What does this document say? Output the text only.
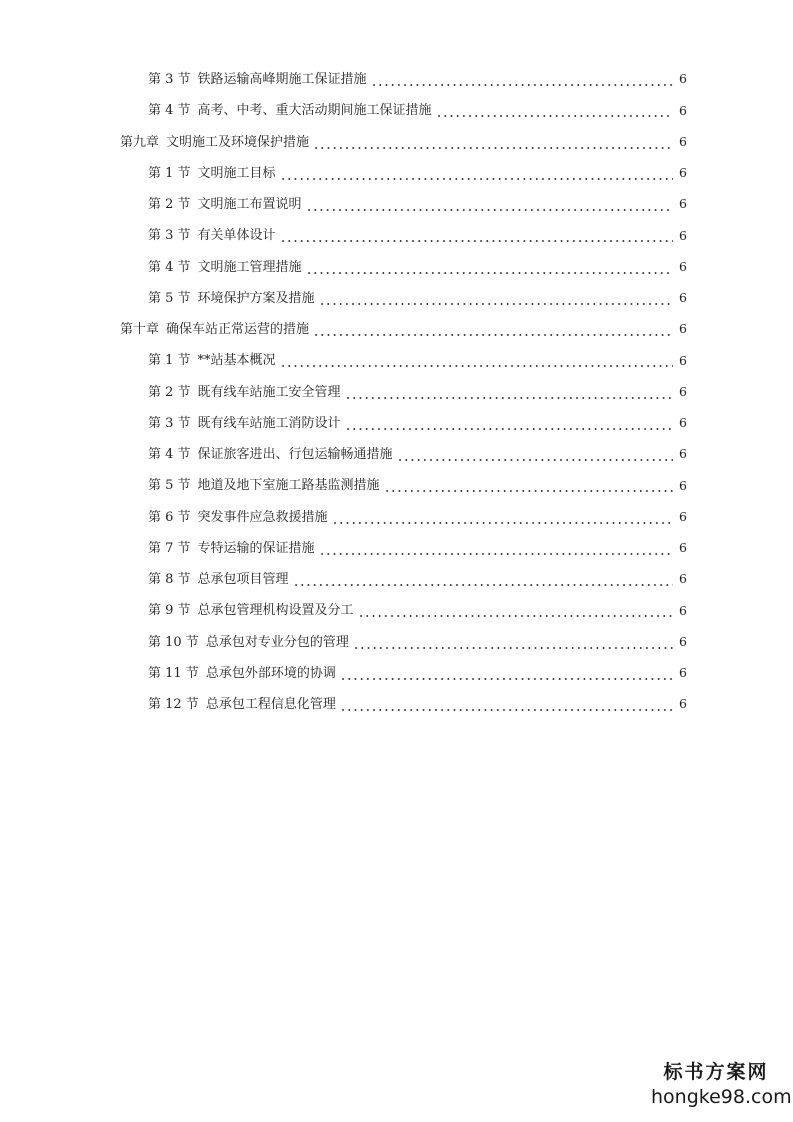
第 3 节 铁路运输高峰期施工保证措施	6
第 4 节 高考、中考、重大活动期间施工保证措施	6
第九章 文明施工及环境保护措施	6
第 1 节 文明施工目标	6
第 2 节 文明施工布置说明	6
第 3 节 有关单体设计	6
第 4 节 文明施工管理措施	6
第 5 节 环境保护方案及措施	6
第十章 确保车站正常运营的措施	6
第 1 节 **站基本概况	6
第 2 节 既有线车站施工安全管理	6
第 3 节 既有线车站施工消防设计	6
第 4 节 保证旅客进出、行包运输畅通措施	6
第 5 节 地道及地下室施工路基监测措施	6
第 6 节 突发事件应急救援措施	6
第 7 节 专特运输的保证措施	6
第 8 节 总承包项目管理	6
第 9 节 总承包管理机构设置及分工	6
第 10 节 总承包对专业分包的管理	6
第 11 节 总承包外部环境的协调	6
第 12 节 总承包工程信息化管理	6
标书方案网
hongke98.com
